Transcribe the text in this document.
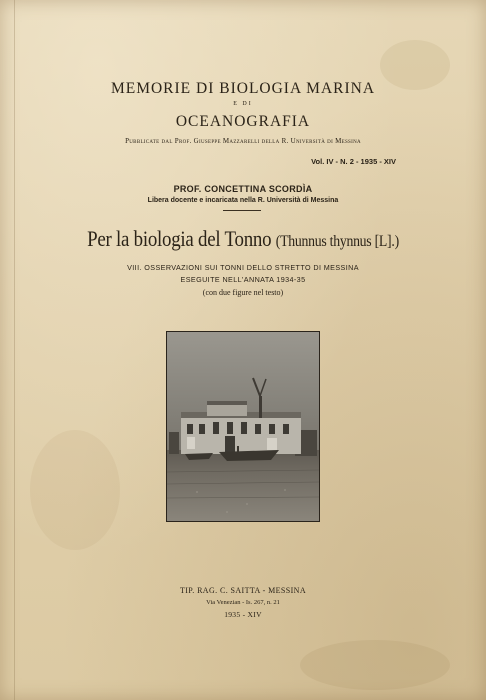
MEMORIE DI BIOLOGIA MARINA
E DI
OCEANOGRAFIA
Pubblicate dal Prof. Giuseppe Mazzarelli della R. Università di Messina
Vol. IV - N. 2 - 1935 - XIV
PROF. CONCETTINA SCORDÌA
Libera docente e incaricata nella R. Università di Messina
Per la biologia del Tonno (Thunnus thynnus [L].)
VIII. OSSERVAZIONI SUI TONNI DELLO STRETTO DI MESSINA
ESEGUITE NELL'ANNATA 1934-35
(con due figure nel testo)
TIP. RAG. C. SAITTA - MESSINA
Via Venezian - Is. 267, n. 21
1935 - XIV
